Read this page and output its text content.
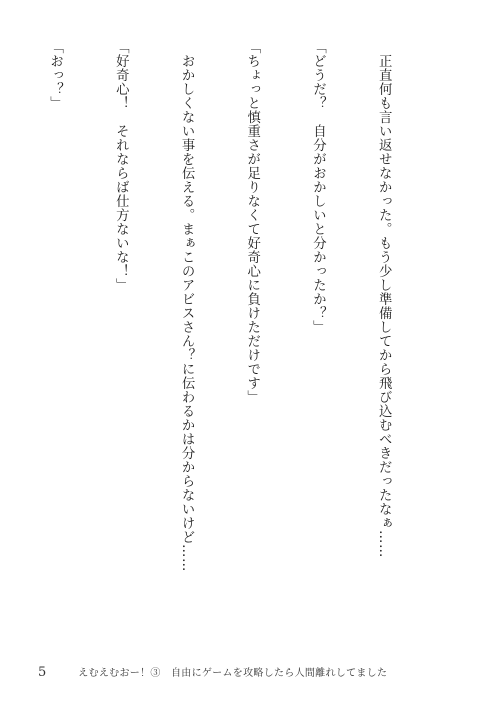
　正直何も言い返せなかった。もう少し準備してから飛び込むべきだったなぁ……

「どうだ？　自分がおかしいと分かったか？」

「ちょっと慎重さが足りなくて好奇心に負けただけです」

　おかしくない事を伝える。まぁこのアビスさん？に伝わるかは分からないけど……

「好奇心！　それならば仕方ないな！」

「おっ？」

5	えむえむおー！③　自由にゲームを攻略したら人間離れしてました
